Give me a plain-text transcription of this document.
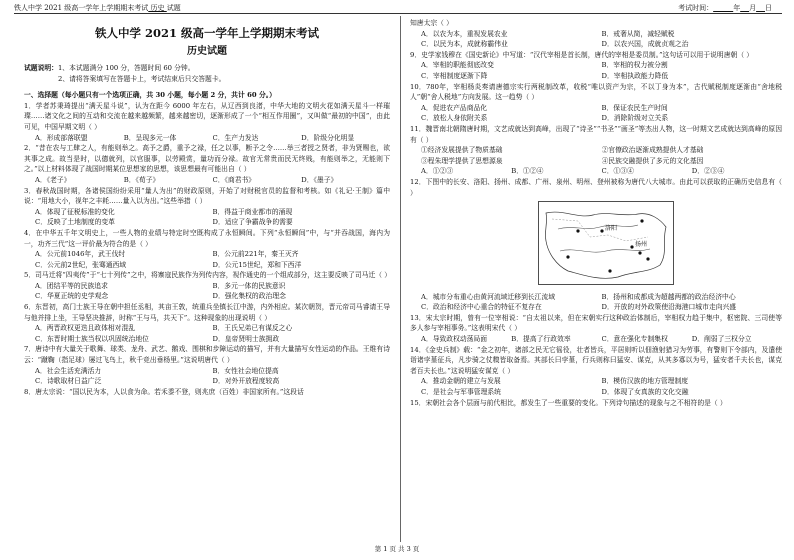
铁人中学 2021 级高一学年上学期期末考试 历史 试题	考试时间：	年 月 日
铁人中学 2021 级高一学年上学期期末考试
历史试题

试题说明：1、本试题满分 100 分，答题时间 60 分钟。

2、请将答案填写在答题卡上，考试结束后只交答题卡。

一、选择题（每小题只有一个选项正确，共 30 小题，每小题 2 分，共计 60 分。）

1．学者苏秉琦提出“满天星斗说”，认为在距今 6000 年左右，从辽西到良渚，中华大地的文明火花如满天星斗一样璀璨……诸文化之间的互动和交流在越来越频繁，越来越密切，逐渐形成了一个“相互作用圈”，又叫做“最初的中国”，由此可见，中国早期文明（ ）

A．形成部落联盟	B．呈现多元一体	C．生产力发达	D．阶级分化明显

2．“昔在农与工肆之人，有能则举之。高予之爵，重予之禄，任之以事，断予之令……举三者授之贤者，非为贤赐也，欲其事之成。故当是时，以德就列，以官服事，以劳殿赏，量功而分禄。故官无常贵而民无终贱，有能则举之，无能则下之。”以上材料体现了战国时期某位思想家的思想，该思想最有可能出自（ ）

A．《老子》	B．《荀子》	C．《商君书》	D．《墨子》

3．春秋战国时期，各诸侯国纷纷采用“量人为出”的财政原则，开始了对财税官员的监督和考核。如《礼记·王制》篇中说：“用地大小，视年之丰耗……量入以为出。”这些举措（ ）

A．体现了征税标准的变化	B．得益于商业都市的涌现
C．反映了土地制度的变革	D．适应了争霸战争的需要

4．在中华五千年文明史上，一些人物的业绩与特定时空既构成了永恒瞬间。下列“永恒瞬间”中，与“并吞战国，海内为一，功齐三代”这一评价最为符合的是（ ）

A．公元前1046年，武王伐纣	B．公元前221年，秦王灭齐
C．公元前2世纪，张骞通西域	D．公元15世纪，郑和下西洋

5．司马迁将“四夷传”于“七十列传”之中，将寨寇民族作为列传内容，视作通史的一个组成部分，这主要反映了司马迁（ ）

A．团结平等的民族追求	B．多元一体的民族意识
C．华夏正统的史学观念	D．强化集权的政治理念

6．东晋初，高门士族王导在朝中担任丞相，其亩王敦，统重兵坐镇长江中游，内外相应。某次朝贺，晋元帝司马睿请王导与他并排上坐，王导坚决推辞，时称“王与马，共天下”。这种现象的出现说明（ ）

A．两晋政权更迭且政体相对混乱	B．王氏兄弟已有谋反之心
C．东晋时期士族当权以巩固统治地位	D．皇帝贤明士族拥政

7．唐诗中有大量关于歌舞、球类、龙舟、武艺、鹅戏、围棋和步障运动的描写，并有大量描写女性运动的作品。王维有诗云：“蹴鞠（指足球）屡过飞鸟上，秋千竞出垂杨里。”这说明唐代（ ）

A．社会生活充满活力	B．女性社会地位提高
C．诗歌取材日益广泛	D．对外开放程度较高

8．唐太宗说：“国以民为本，人以食为命。若禾黍不登，则兆庶（百姓）非国家所有。”这段话

知唐太宗（ ）

A．以农为本，重视发展农业	B．戒奢从简，减轻赋税
C．以民为本，成就称霸伟业	D．以农兴国，成就贞观之治

9．史学家钱穆在《国史新论》中写道：“汉代宰相是首长制，唐代的宰相是委员制。”这句话可以用于说明唐朝（ ）

A．宰相的职能彻底改变	B．宰相的权力被分割
C．宰相制度逐渐下降	D．宰相执政能力降低

10．780年，宰相杨炎奏请唐德宗实行两税制改革，收税“唯以资产为宗，不以丁身为本”，古代赋税制度逐渐由“舍地税人”朝“舍人税地”方向发展。这一趋势（ ）

A．促进农产品商品化	B．保证农民生产时间
C．放松人身依附关系	D．消除阶级对立关系

11．魏晋南北朝隋唐时期，文艺成就达到高峰，出现了“诗圣”“书圣”“画圣”等杰出人物，这一时期文艺成就达到高峰的原因有（ ）

①经济发展提供了物质基础	②官僚政治逐渐成熟提供人才基础
③程朱理学提供了思想源泉	④民族交融提供了多元的文化基因
A．①②③	B．①②④	C．①③④	D．②③④

12．下图中的长安、洛阳、扬州、成都、广州、泉州、明州、登州被称为唐代八大城市。由此可以获取的正确历史信息有（ ）

洛阳
扬州
A．城市分布重心由黄河流域迁移到长江流域	B．扬州和成都成为超越两都的政治经济中心
C．政治和经济中心重合的特征不复存在	D．开放的对外政策使沿海港口城市走向兴盛

13．宋太宗时期，曾有一位宰相说：“自太祖以来，但在宋朝实行这种政治体制后，宰相权力趋于集中，枢密院、三司使等多人参与宰相事务。”这表明宋代（ ）

A．导致政权动荡局面	B．提高了行政效率	C．意在强化专制集权	D．削弱了三权分立

14．《金史兵制》载：“金之初年，诸部之民无它徭役，壮者皆兵，平居则听以佃渔射猎习为劳事，有警则下令部内，及遣使诣诸孛堇征兵，凡步骑之仗糗皆取备焉。其部长曰孛堇，行兵则称曰猛安、谋克，从其多寡以为号，猛安者千夫长也，谋克者百夫长也。”这说明猛安谋克（ ）

A．推动金朝的建立与发展	B．模仿汉族的地方管理制度
C．是社会与军事管理系统	D．体现了女真族的文化交融

15．宋朝社会各个层面与前代相比，都发生了一些重要的变化。下列诗句描述的现象与之不相符的是（ ）

第 1 页 共 3 页
